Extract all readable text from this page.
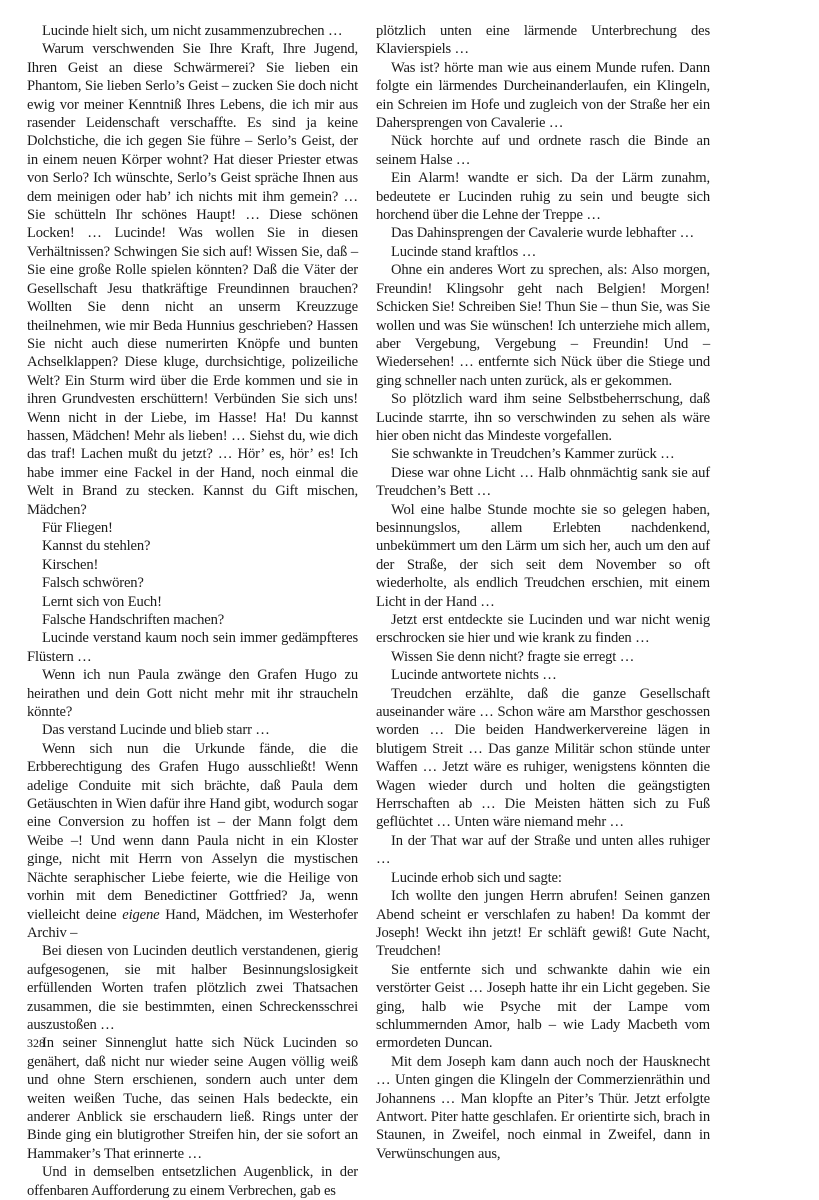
Lucinde hielt sich, um nicht zusammenzubrechen …

Warum verschwenden Sie Ihre Kraft, Ihre Jugend, Ihren Geist an diese Schwärmerei? Sie lieben ein Phantom, Sie lieben Serlo’s Geist – zucken Sie doch nicht ewig vor meiner Kenntniß Ihres Lebens, die ich mir aus rasender Leidenschaft verschaffte. Es sind ja keine Dolchstiche, die ich gegen Sie führe – Serlo’s Geist, der in einem neuen Körper wohnt? Hat dieser Priester etwas von Serlo? Ich wünschte, Serlo’s Geist spräche Ihnen aus dem meinigen oder hab’ ich nichts mit ihm gemein? … Sie schütteln Ihr schönes Haupt! … Diese schönen Locken! … Lucinde! Was wollen Sie in diesen Verhältnissen? Schwingen Sie sich auf! Wissen Sie, daß – Sie eine große Rolle spielen könnten? Daß die Väter der Gesellschaft Jesu thatkräftige Freundinnen brauchen? Wollten Sie denn nicht an unserm Kreuzzuge theilnehmen, wie mir Beda Hunnius geschrieben? Hassen Sie nicht auch diese numerirten Knöpfe und bunten Achselklappen? Diese kluge, durchsichtige, polizeiliche Welt? Ein Sturm wird über die Erde kommen und sie in ihren Grundvesten erschüttern! Verbünden Sie sich uns! Wenn nicht in der Liebe, im Hasse! Ha! Du kannst hassen, Mädchen! Mehr als lieben! … Siehst du, wie dich das traf! Lachen mußt du jetzt? … Hör’ es, hör’ es! Ich habe immer eine Fackel in der Hand, noch einmal die Welt in Brand zu stecken. Kannst du Gift mischen, Mädchen?

Für Fliegen!

Kannst du stehlen?

Kirschen!

Falsch schwören?

Lernt sich von Euch!

Falsche Handschriften machen?

Lucinde verstand kaum noch sein immer gedämpfteres Flüstern …

Wenn ich nun Paula zwänge den Grafen Hugo zu heirathen und dein Gott nicht mehr mit ihr straucheln könnte?

Das verstand Lucinde und blieb starr …

Wenn sich nun die Urkunde fände, die die Erbberechtigung des Grafen Hugo ausschließt! Wenn adelige Conduite mit sich brächte, daß Paula dem Getäuschten in Wien dafür ihre Hand gibt, wodurch sogar eine Conversion zu hoffen ist – der Mann folgt dem Weibe –! Und wenn dann Paula nicht in ein Kloster ginge, nicht mit Herrn von Asselyn die mystischen Nächte seraphischer Liebe feierte, wie die Heilige von vorhin mit dem Benedictiner Gottfried? Ja, wenn vielleicht deine eigene Hand, Mädchen, im Westerhofer Archiv –

Bei diesen von Lucinden deutlich verstandenen, gierig aufgesogenen, sie mit halber Besinnungslosigkeit erfüllenden Worten trafen plötzlich zwei Thatsachen zusammen, die sie bestimmten, einen Schreckensschrei auszustoßen …

In seiner Sinnenglut hatte sich Nück Lucinden so genähert, daß nicht nur wieder seine Augen völlig weiß und ohne Stern erschienen, sondern auch unter dem weiten weißen Tuche, das seinen Hals bedeckte, ein anderer Anblick sie erschaudern ließ. Rings unter der Binde ging ein blutigrother Streifen hin, der sie sofort an Hammaker’s That erinnerte …

Und in demselben entsetzlichen Augenblick, in der offenbaren Aufforderung zu einem Verbrechen, gab es

plötzlich unten eine lärmende Unterbrechung des Klavierspiels …

Was ist? hörte man wie aus einem Munde rufen. Dann folgte ein lärmendes Durcheinanderlaufen, ein Klingeln, ein Schreien im Hofe und zugleich von der Straße her ein Dahersprengen von Cavalerie …

Nück horchte auf und ordnete rasch die Binde an seinem Halse …

Ein Alarm! wandte er sich. Da der Lärm zunahm, bedeutete er Lucinden ruhig zu sein und beugte sich horchend über die Lehne der Treppe …

Das Dahinsprengen der Cavalerie wurde lebhafter …

Lucinde stand kraftlos …

Ohne ein anderes Wort zu sprechen, als: Also morgen, Freundin! Klingsohr geht nach Belgien! Morgen! Schicken Sie! Schreiben Sie! Thun Sie – thun Sie, was Sie wollen und was Sie wünschen! Ich unterziehe mich allem, aber Vergebung, Vergebung – Freundin! Und – Wiedersehen! … entfernte sich Nück über die Stiege und ging schneller nach unten zurück, als er gekommen.

So plötzlich ward ihm seine Selbstbeherrschung, daß Lucinde starrte, ihn so verschwinden zu sehen als wäre hier oben nicht das Mindeste vorgefallen.

Sie schwankte in Treudchen’s Kammer zurück …

Diese war ohne Licht … Halb ohnmächtig sank sie auf Treudchen’s Bett …

Wol eine halbe Stunde mochte sie so gelegen haben, besinnungslos, allem Erlebten nachdenkend, unbekümmert um den Lärm um sich her, auch um den auf der Straße, der sich seit dem November so oft wiederholte, als endlich Treudchen erschien, mit einem Licht in der Hand …

Jetzt erst entdeckte sie Lucinden und war nicht wenig erschrocken sie hier und wie krank zu finden …

Wissen Sie denn nicht? fragte sie erregt …

Lucinde antwortete nichts …

Treudchen erzählte, daß die ganze Gesellschaft auseinander wäre … Schon wäre am Marsthor geschossen worden … Die beiden Handwerkervereine lägen in blutigem Streit … Das ganze Militär schon stünde unter Waffen … Jetzt wäre es ruhiger, wenigstens könnten die Wagen wieder durch und holten die geängstigten Herrschaften ab … Die Meisten hätten sich zu Fuß geflüchtet … Unten wäre niemand mehr …

In der That war auf der Straße und unten alles ruhiger …

Lucinde erhob sich und sagte:

Ich wollte den jungen Herrn abrufen! Seinen ganzen Abend scheint er verschlafen zu haben! Da kommt der Joseph! Weckt ihn jetzt! Er schläft gewiß! Gute Nacht, Treudchen!

Sie entfernte sich und schwankte dahin wie ein verstörter Geist … Joseph hatte ihr ein Licht gegeben. Sie ging, halb wie Psyche mit der Lampe vom schlummernden Amor, halb – wie Lady Macbeth vom ermordeten Duncan.

Mit dem Joseph kam dann auch noch der Hausknecht … Unten gingen die Klingeln der Commerzienräthin und Johannens … Man klopfte an Piter’s Thür. Jetzt erfolgte Antwort. Piter hatte geschlafen. Er orientirte sich, brach in Staunen, in Zweifel, noch einmal in Zweifel, dann in Verwünschungen aus,

328
